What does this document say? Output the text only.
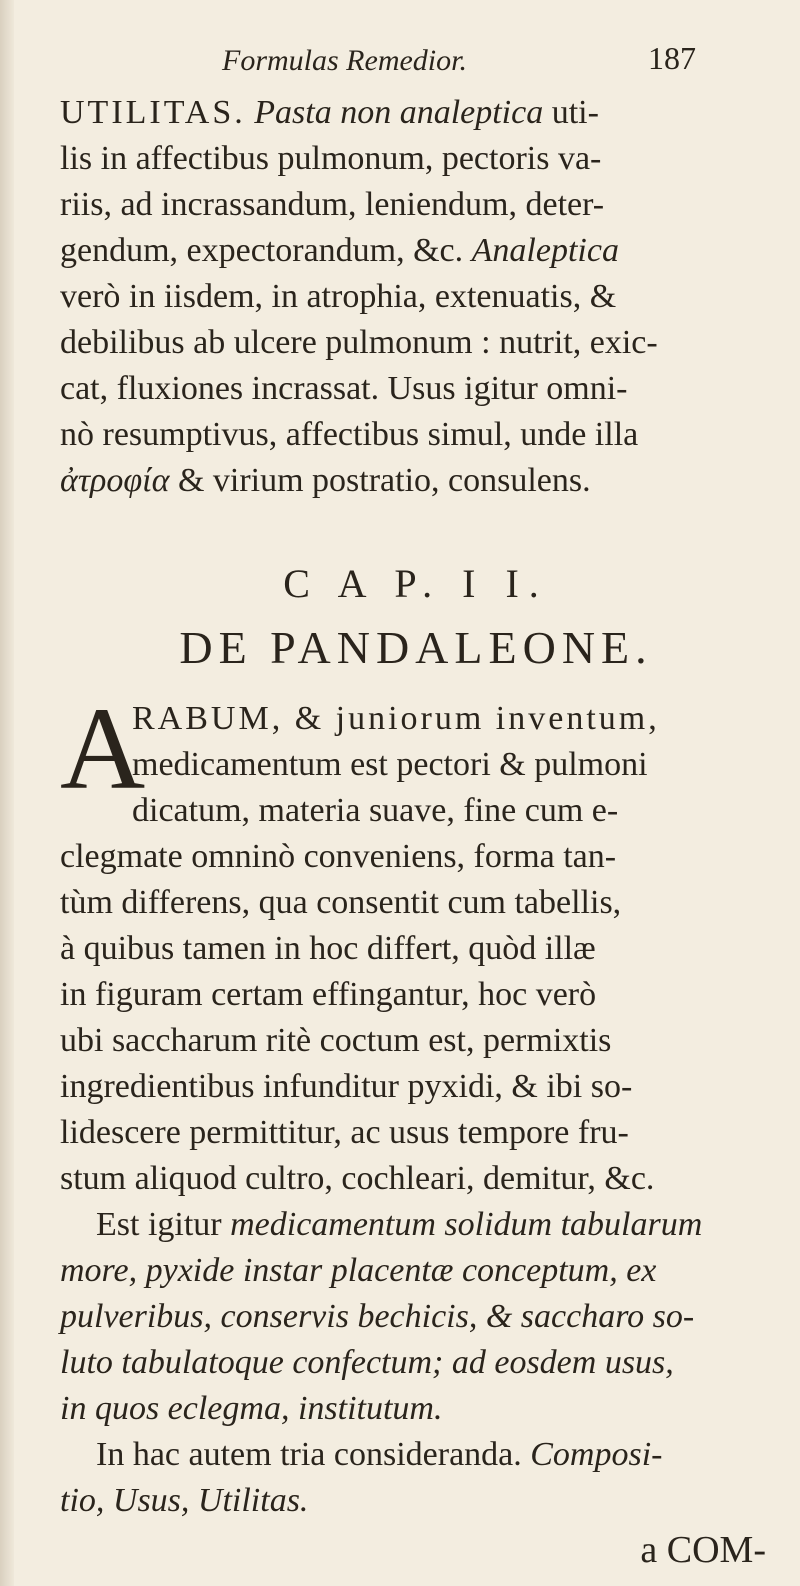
Formulas Remedior.	187

UTILITAS. Pasta non analeptica uti-
lis in affectibus pulmonum, pectoris va-
riis, ad incrassandum, leniendum, deter-
gendum, expectorandum, &c. Analeptica
verò in iisdem, in atrophia, extenuatis, &
debilibus ab ulcere pulmonum : nutrit, exic-
cat, fluxiones incrassat. Usus igitur omni-
nò resumptivus, affectibus simul, unde illa
ἀτροφία & virium postratio, consulens.

C A P. I I.
DE PANDALEONE.
A

RABUM, & juniorum inventum,
medicamentum est pectori & pulmoni
dicatum, materia suave, fine cum e-
clegmate omninò conveniens, forma tan-
tùm differens, qua consentit cum tabellis,
à quibus tamen in hoc differt, quòd illæ
in figuram certam effingantur, hoc verò
ubi saccharum ritè coctum est, permixtis
ingredientibus infunditur pyxidi, & ibi so-
lidescere permittitur, ac usus tempore fru-
stum aliquod cultro, cochleari, demitur, &c.
Est igitur medicamentum solidum tabularum
more, pyxide instar placentæ conceptum, ex
pulveribus, conservis bechicis, & saccharo so-
luto tabulatoque confectum; ad eosdem usus,
in quos eclegma, institutum.
In hac autem tria consideranda. Composi-
tio, Usus, Utilitas.

a COM-
